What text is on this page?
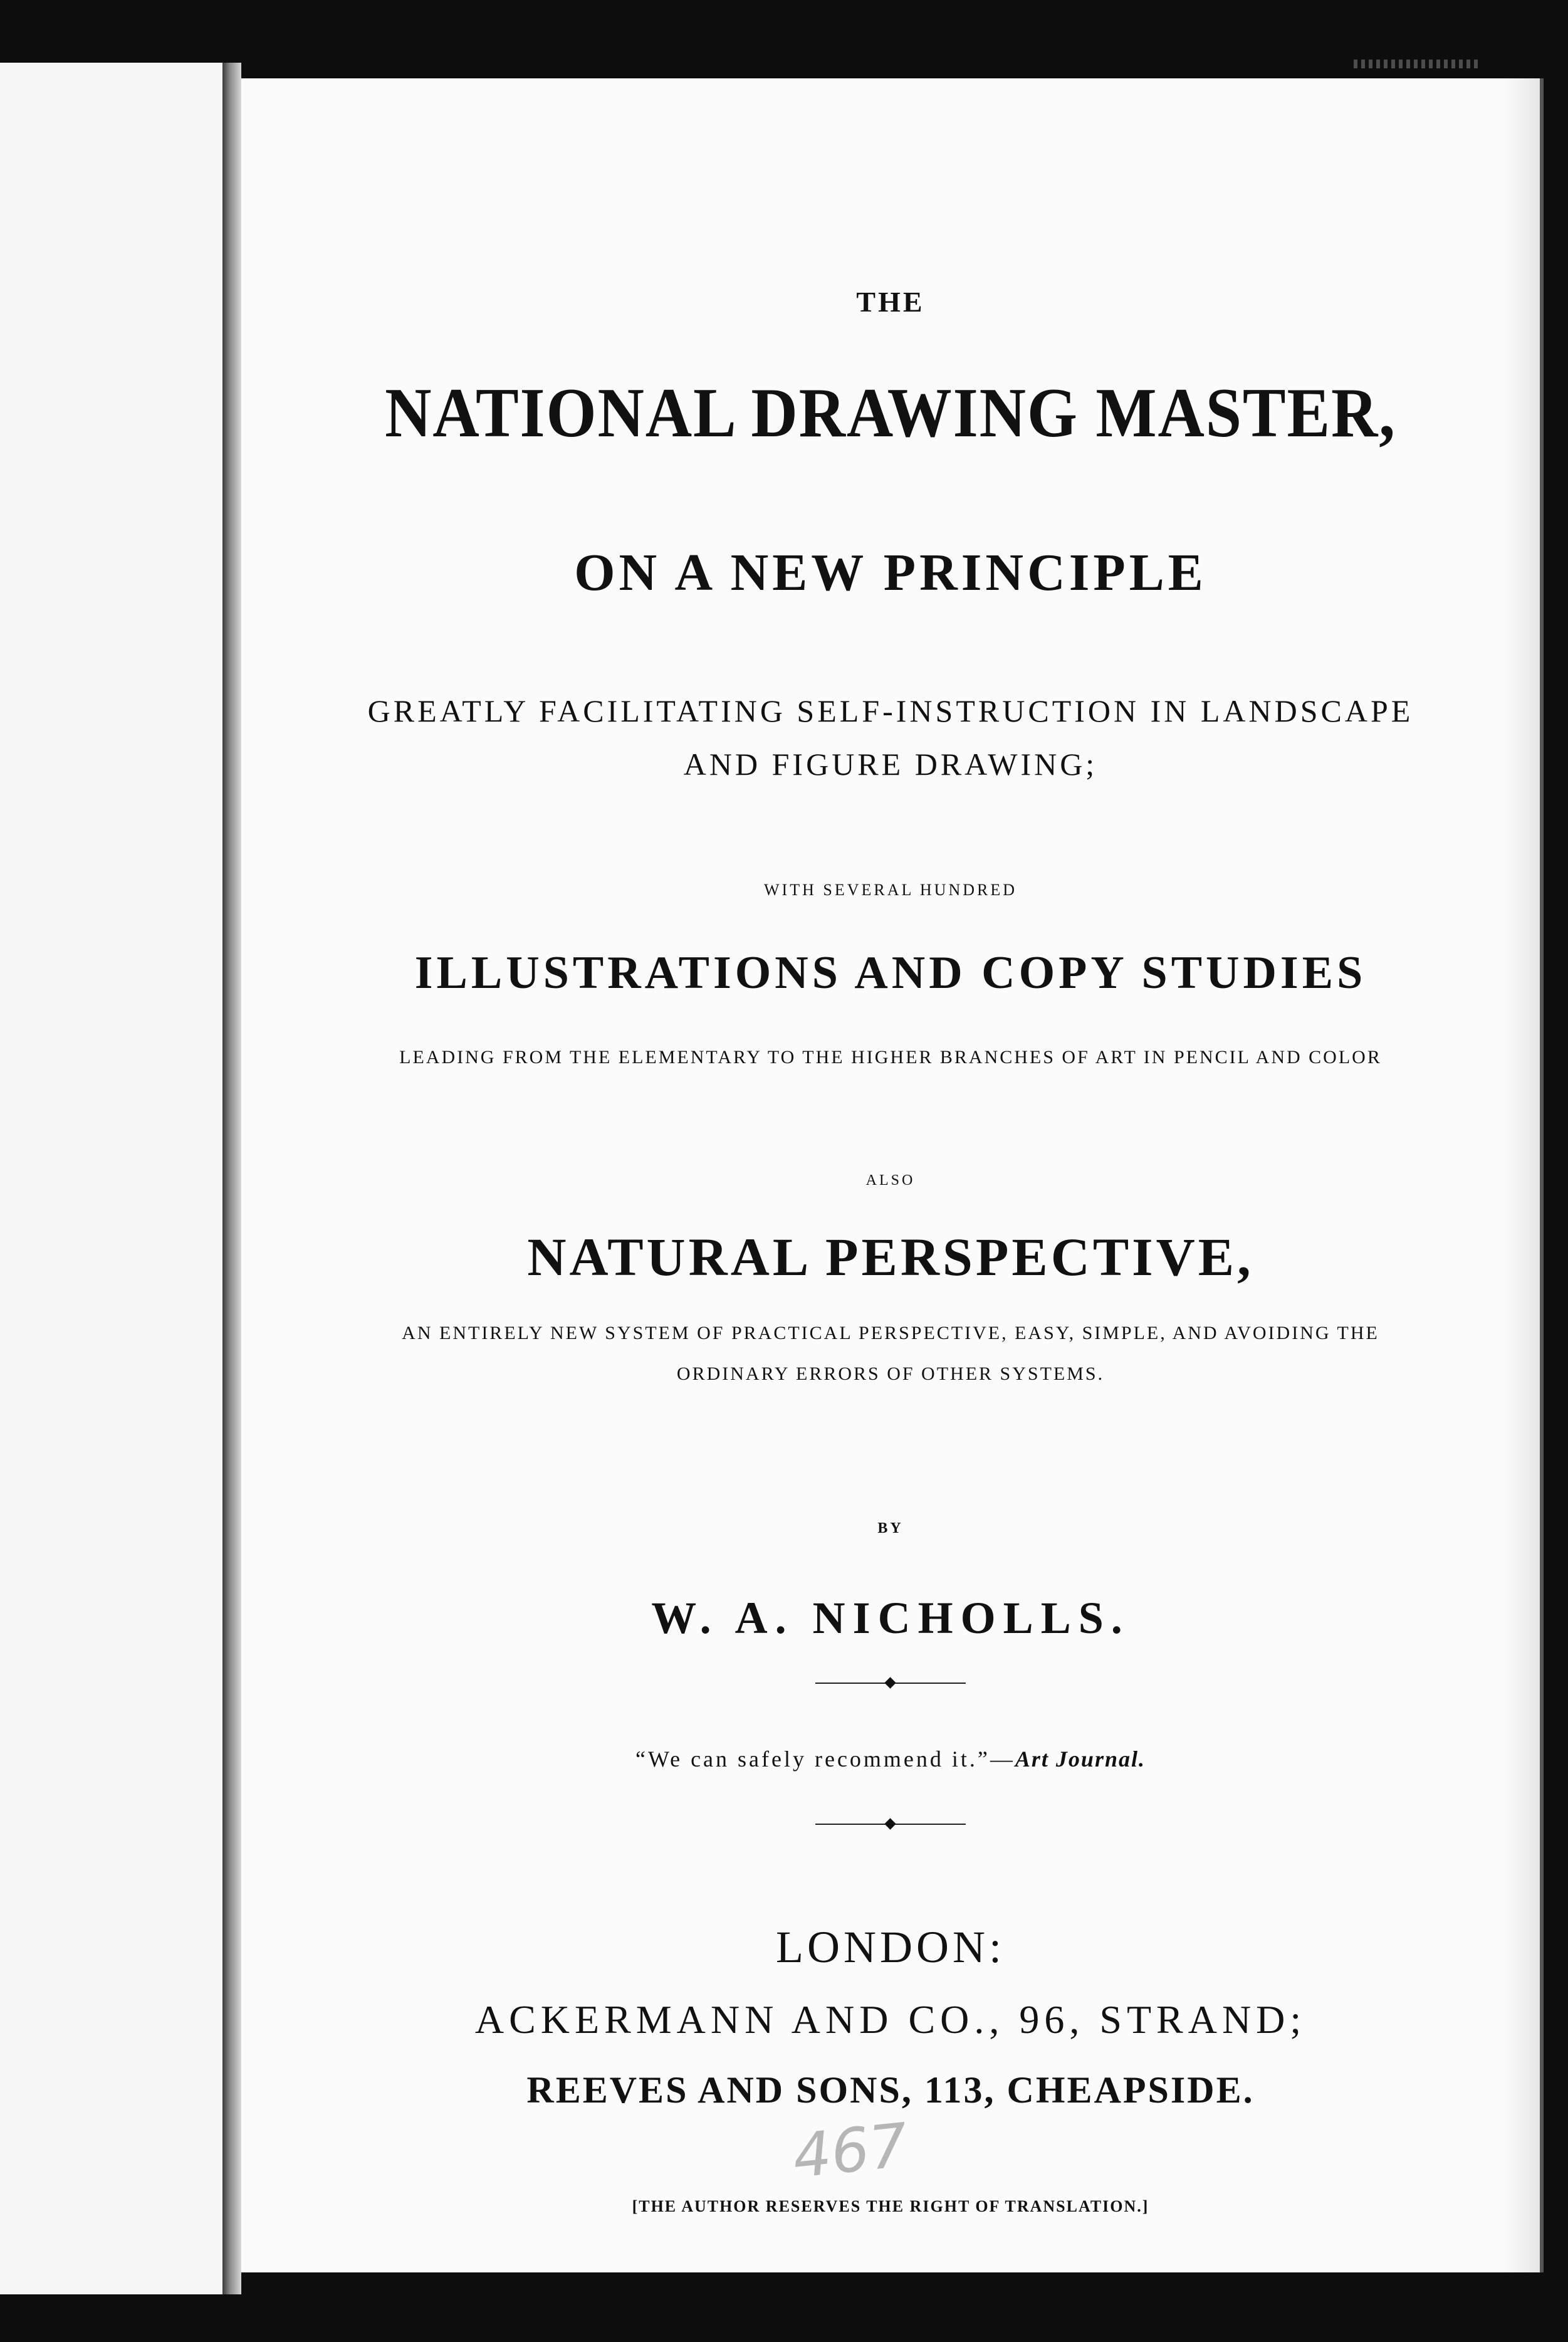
THE
NATIONAL DRAWING MASTER,
ON A NEW PRINCIPLE
GREATLY FACILITATING SELF-INSTRUCTION IN LANDSCAPE
AND FIGURE DRAWING;
WITH SEVERAL HUNDRED
ILLUSTRATIONS AND COPY STUDIES
LEADING FROM THE ELEMENTARY TO THE HIGHER BRANCHES OF ART IN PENCIL AND COLOR
ALSO
NATURAL PERSPECTIVE,
AN ENTIRELY NEW SYSTEM OF PRACTICAL PERSPECTIVE, EASY, SIMPLE, AND AVOIDING THE
ORDINARY ERRORS OF OTHER SYSTEMS.
BY
W. A. NICHOLLS.
“We can safely recommend it.”—Art Journal.
LONDON:
ACKERMANN AND CO., 96, STRAND;
REEVES AND SONS, 113, CHEAPSIDE.
467
[THE AUTHOR RESERVES THE RIGHT OF TRANSLATION.]
